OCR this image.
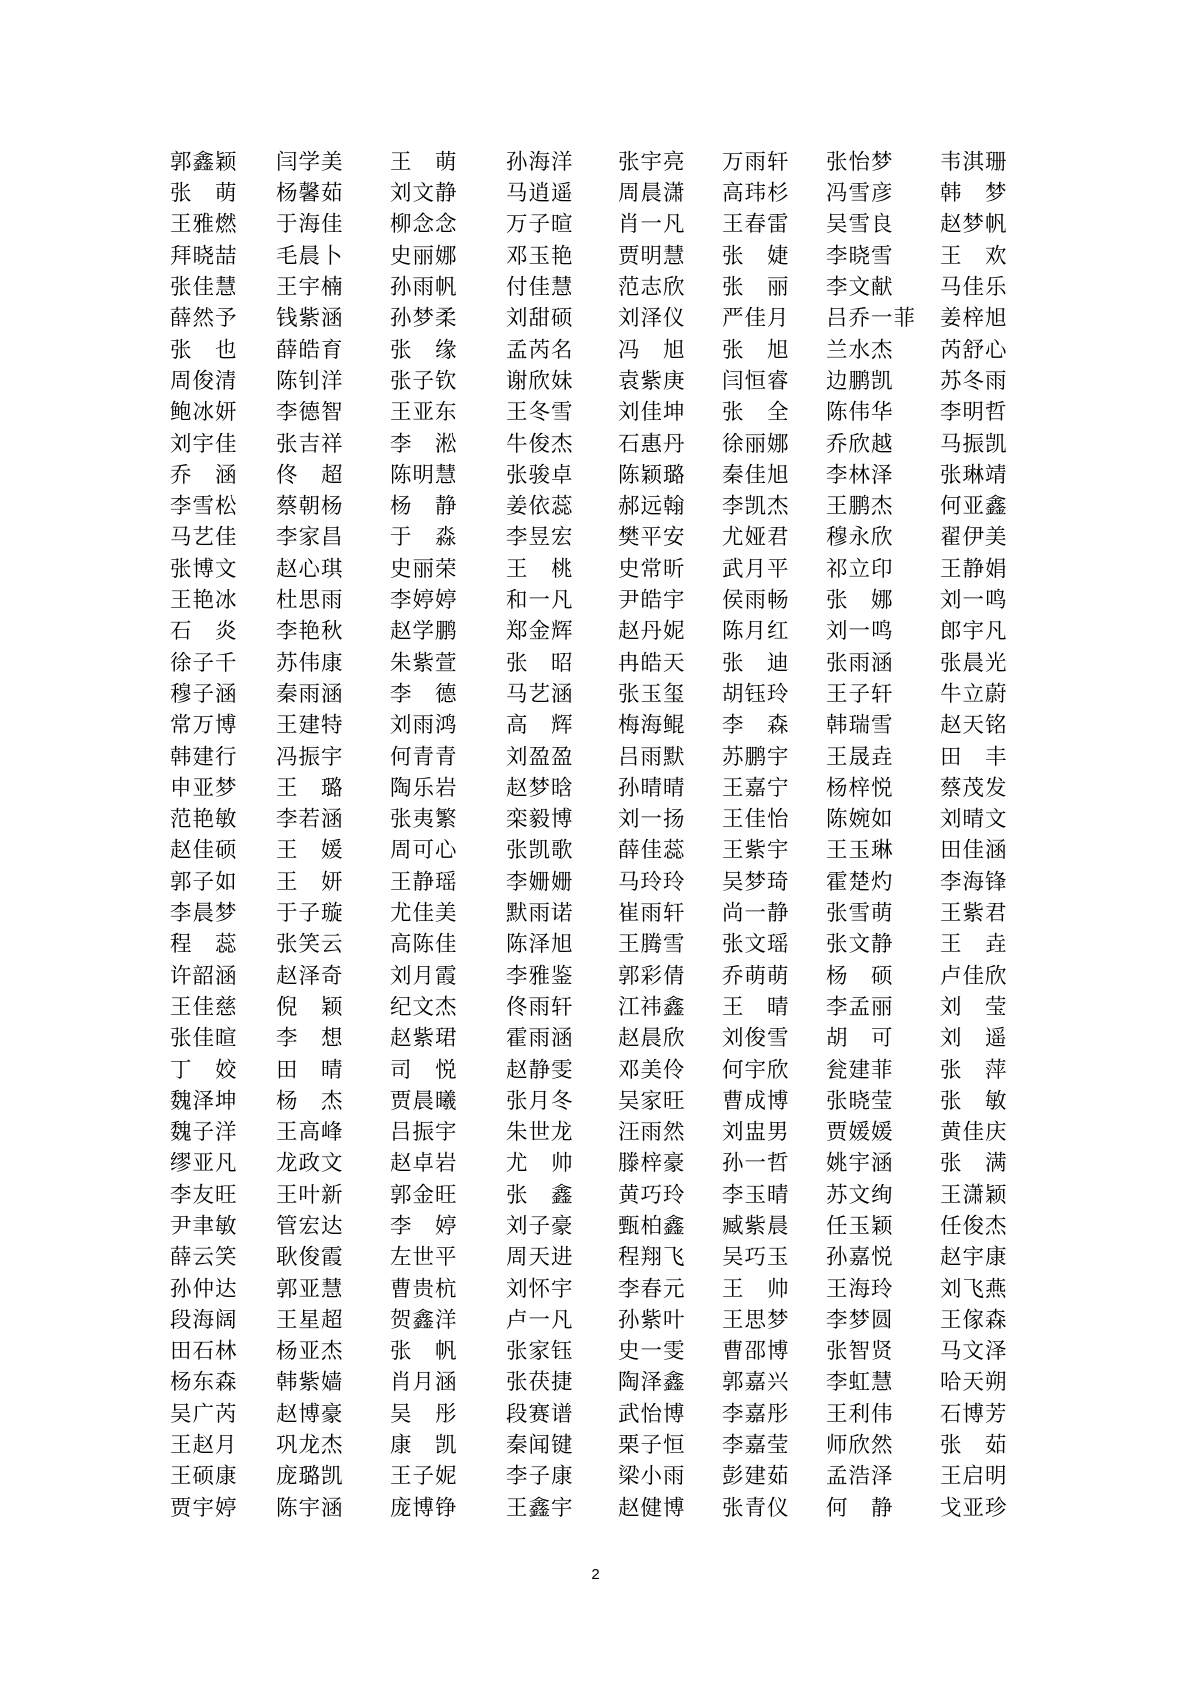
郭鑫颖	闫学美	王　萌	孙海洋	张宇亮	万雨轩	张怡梦	韦淇珊
张　萌	杨馨茹	刘文静	马逍遥	周晨潇	高玮杉	冯雪彦	韩　梦
王雅燃	于海佳	柳念念	万子暄	肖一凡	王春雷	吴雪良	赵梦帆
拜晓喆	毛晨卜	史丽娜	邓玉艳	贾明慧	张　婕	李晓雪	王　欢
张佳慧	王宇楠	孙雨帆	付佳慧	范志欣	张　丽	李文献	马佳乐
薛然予	钱紫涵	孙梦柔	刘甜硕	刘泽仪	严佳月	吕乔一菲	姜梓旭
张　也	薛皓育	张　缘	孟芮名	冯　旭	张　旭	兰水杰	芮舒心
周俊清	陈钊洋	张子钦	谢欣妹	袁紫庚	闫恒睿	边鹏凯	苏冬雨
鲍冰妍	李德智	王亚东	王冬雪	刘佳坤	张　全	陈伟华	李明哲
刘宇佳	张吉祥	李　淞	牛俊杰	石惠丹	徐丽娜	乔欣越	马振凯
乔　涵	佟　超	陈明慧	张骏卓	陈颖璐	秦佳旭	李林泽	张琳靖
李雪松	蔡朝杨	杨　静	姜依蕊	郝远翰	李凯杰	王鹏杰	何亚鑫
马艺佳	李家昌	于　淼	李昱宏	樊平安	尤娅君	穆永欣	翟伊美
张博文	赵心琪	史丽荣	王　桃	史常昕	武月平	祁立印	王静娟
王艳冰	杜思雨	李婷婷	和一凡	尹皓宇	侯雨畅	张　娜	刘一鸣
石　炎	李艳秋	赵学鹏	郑金辉	赵丹妮	陈月红	刘一鸣	郎宇凡
徐子千	苏伟康	朱紫萱	张　昭	冉皓天	张　迪	张雨涵	张晨光
穆子涵	秦雨涵	李　德	马艺涵	张玉玺	胡钰玲	王子轩	牛立蔚
常万博	王建特	刘雨鸿	高　辉	梅海鲲	李　森	韩瑞雪	赵天铭
韩建行	冯振宇	何青青	刘盈盈	吕雨默	苏鹏宇	王晟垚	田　丰
申亚梦	王　璐	陶乐岩	赵梦晗	孙晴晴	王嘉宁	杨梓悦	蔡茂发
范艳敏	李若涵	张夷繁	栾毅博	刘一扬	王佳怡	陈婉如	刘晴文
赵佳硕	王　媛	周可心	张凯歌	薛佳蕊	王紫宇	王玉琳	田佳涵
郭子如	王　妍	王静瑶	李姗姗	马玲玲	吴梦琦	霍楚灼	李海锋
李晨梦	于子璇	尤佳美	默雨诺	崔雨轩	尚一静	张雪萌	王紫君
程　蕊	张笑云	高陈佳	陈泽旭	王腾雪	张文瑶	张文静	王　垚
许韶涵	赵泽奇	刘月霞	李雅鉴	郭彩倩	乔萌萌	杨　硕	卢佳欣
王佳慈	倪　颖	纪文杰	佟雨轩	江祎鑫	王　晴	李孟丽	刘　莹
张佳暄	李　想	赵紫珺	霍雨涵	赵晨欣	刘俊雪	胡　可	刘　遥
丁　姣	田　晴	司　悦	赵静雯	邓美伶	何宇欣	瓮建菲	张　萍
魏泽坤	杨　杰	贾晨曦	张月冬	吴家旺	曹成博	张晓莹	张　敏
魏子洋	王高峰	吕振宇	朱世龙	汪雨然	刘盅男	贾媛媛	黄佳庆
缪亚凡	龙政文	赵卓岩	尤　帅	滕梓豪	孙一哲	姚宇涵	张　满
李友旺	王叶新	郭金旺	张　鑫	黄巧玲	李玉晴	苏文绚	王潇颖
尹聿敏	管宏达	李　婷	刘子豪	甄柏鑫	臧紫晨	任玉颖	任俊杰
薛云笑	耿俊霞	左世平	周天进	程翔飞	吴巧玉	孙嘉悦	赵宇康
孙仲达	郭亚慧	曹贵杭	刘怀宇	李春元	王　帅	王海玲	刘飞燕
段海阔	王星超	贺鑫洋	卢一凡	孙紫叶	王思梦	李梦圆	王傢森
田石林	杨亚杰	张　帆	张家钰	史一雯	曹邵博	张智贤	马文泽
杨东森	韩紫嫱	肖月涵	张茯捷	陶泽鑫	郭嘉兴	李虹慧	哈天朔
吴广芮	赵博豪	吴　彤	段赛谱	武怡博	李嘉彤	王利伟	石博芳
王赵月	巩龙杰	康　凯	秦闻键	栗子恒	李嘉莹	师欣然	张　茹
王硕康	庞璐凯	王子妮	李子康	梁小雨	彭建茹	孟浩泽	王启明
贾宇婷	陈宇涵	庞博铮	王鑫宇	赵健博	张青仪	何　静	戈亚珍
2
